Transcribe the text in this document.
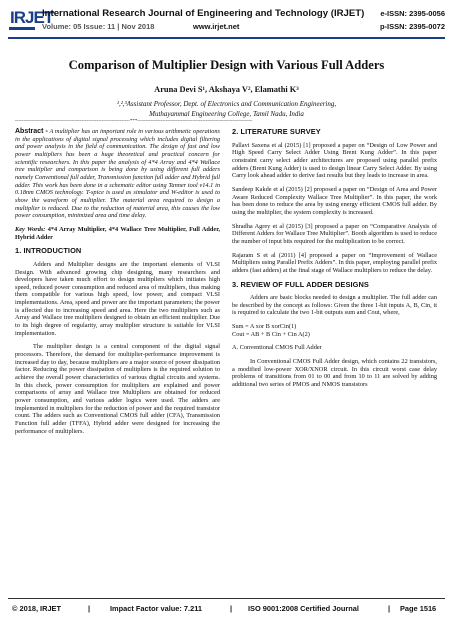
IRJET
International Research Journal of Engineering and Technology (IRJET)
Volume: 05 Issue: 11 | Nov 2018	www.irjet.net
e-ISSN: 2395-0056
p-ISSN: 2395-0072
Comparison of Multiplier Design with Various Full Adders
Aruna Devi S¹, Akshaya V², Elamathi K³
¹,²,³Assistant Professor, Dept. of Electronics and Communication Engineering,
Muthayammal Engineering College, Tamil Nadu, India
---------------------------------------------------------------------***---------------------------------------------------------------------

Abstract - A multiplier has an important role in various arithmetic operations in the applications of digital signal processing which includes digital filtering and power analysis in the field of communication. The design of fast and low power multipliers has been a huge theoretical and practical concern for scientific researchers. In this paper the analysis of 4*4 Array and 4*4 Wallace tree multiplier and comparison is being done by using different full adders namely Conventional full adder, Transmission function full adder and Hybrid full adder. This work has been done in a schematic editor using Tanner tool v14.1 in 0.18nm CMOS technology. T-spice is used as simulator and W-editor is used to show the waveform of multiplier. The material area required to design a multiplier is reduced. Due to the reduction of material area, this causes the low power consumption, minimized area and time delay.

Key Words: 4*4 Array Multiplier, 4*4 Wallace Tree Multiplier, Full Adder, Hybrid Adder

1. INTRODUCTION

Adders and Multiplier designs are the important elements of VLSI Design. With advanced growing chip designing, many researchers and developers have taken much effort to design multipliers which initiates high speed, reduced power consumption and reduced area of multipliers, thus making them compatible for various high speed, low power, and compact VLSI implementations. Area, speed and power are the important parameters; the power is affected due to increasing speed and area. Here the two multipliers such as Array and Wallace tree multipliers designed to obtain an efficient multiplier. Due to its high degree of regularity, array multiplier structure is suitable for VLSI implementation.

The multiplier design is a central component of the digital signal processors. Therefore, the demand for multiplier-performance improvement is increased day to day, because multipliers are a major source of power dissipation factor. Reducing the power dissipation of multipliers is the required solution to achieve the overall power characteristics of various digital circuits and systems. In this check, power consumption for multipliers are explained and power comparisons of array and Wallace tree Multipliers are obtained for reduced power consumption, and various adder logics were used. The adders are implemented in multipliers for the reduction of power and the required transistor count. The adders such as Conventional CMOS full adder (CFA), Transmission Function full adder (TFFA), Hybrid adder were designed for increasing the performance of multipliers.

2. LITERATURE SURVEY

Pallavi Saxena et al (2015) [1] proposed a paper on “Design of Low Power and High Speed Carry Select Adder Using Brent Kung Adder”. In this paper constraint carry select adder architectures are proposed using parallel prefix adders (Brent Kung Adder) is used to design linear Carry Select Adder. By using Carry look ahead adder to derive fast results but they leads to increase in area.

Sandeep Kakde et al (2015) [2] proposed a paper on “Design of Area and Power Aware Reduced Complexity Wallace Tree Multiplier”. In this paper, the work has been done to reduce the area by using energy efficient CMOS full adder. By using the multiplier, the system complexity is increased.

Shradha Agrey et al (2015) [3] proposed a paper on “Comparative Analysis of Different Adders for Wallace Tree Multiplier”. Booth algorithm is used to reduce the number of input bits required for the multiplication to be correct.

Rajaram S et al (2011) [4] proposed a paper on “Improvement of Wallace Multipliers using Parallel Prefix Adders”. In this paper, employing parallel prefix adders (fast adders) at the final stage of Wallace multipliers to reduce the delay.

3. REVIEW OF FULL ADDER DESIGNS

Adders are basic blocks needed to design a multiplier. The full adder can be described by the concept as follows: Given the three 1-bit inputs A, B, Cin, it is required to calculate the two 1-bit outputs sum and Cout, where,

Sum = A xor B xorCin(1)

Cout = AB + B Cin + Cin A(2)

A. Conventional CMOS Full Adder

In Conventional CMOS Full Adder design, which contains 22 transistors, a modified low-power XOR/XNOR circuit. In this circuit worst case delay problems of transitions from 01 to 00 and from 10 to 11 are solved by adding additional two series of PMOS and NMOS transistors

© 2018, IRJET	|	Impact Factor value: 7.211	| ISO 9001:2008 Certified Journal	| Page 1516
